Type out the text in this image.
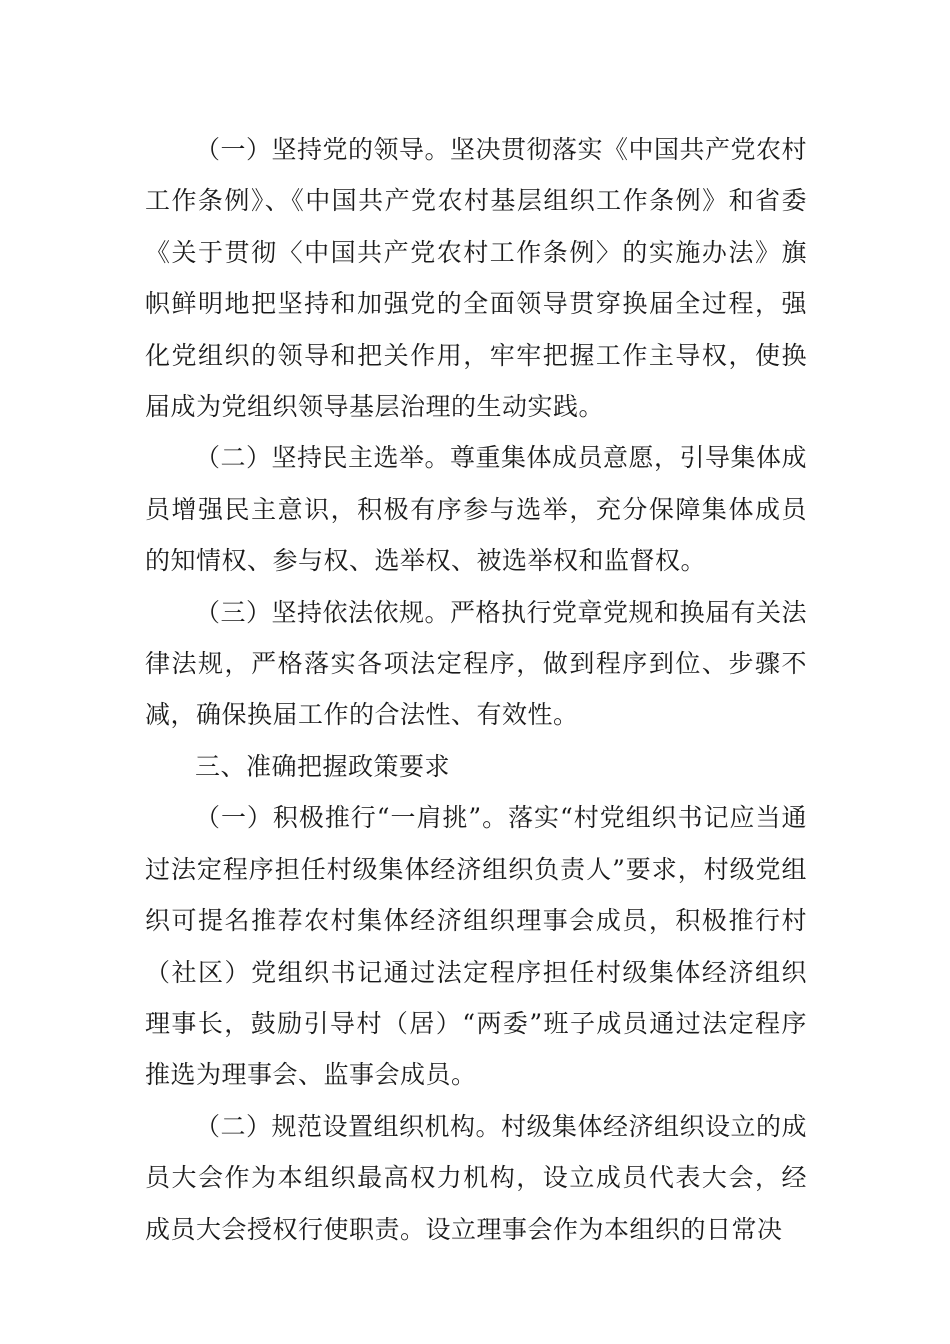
（一）坚持党的领导。坚决贯彻落实《中国共产党农村工作条例》、《中国共产党农村基层组织工作条例》和省委《关于贯彻〈中国共产党农村工作条例〉的实施办法》旗帜鲜明地把坚持和加强党的全面领导贯穿换届全过程，强化党组织的领导和把关作用，牢牢把握工作主导权，使换届成为党组织领导基层治理的生动实践。

（二）坚持民主选举。尊重集体成员意愿，引导集体成员增强民主意识，积极有序参与选举，充分保障集体成员的知情权、参与权、选举权、被选举权和监督权。

（三）坚持依法依规。严格执行党章党规和换届有关法律法规，严格落实各项法定程序，做到程序到位、步骤不减，确保换届工作的合法性、有效性。

三、准确把握政策要求

（一）积极推行“一肩挑”。落实“村党组织书记应当通过法定程序担任村级集体经济组织负责人”要求，村级党组织可提名推荐农村集体经济组织理事会成员，积极推行村（社区）党组织书记通过法定程序担任村级集体经济组织理事长，鼓励引导村（居）“两委”班子成员通过法定程序推选为理事会、监事会成员。

（二）规范设置组织机构。村级集体经济组织设立的成员大会作为本组织最高权力机构，设立成员代表大会，经成员大会授权行使职责。设立理事会作为本组织的日常决
